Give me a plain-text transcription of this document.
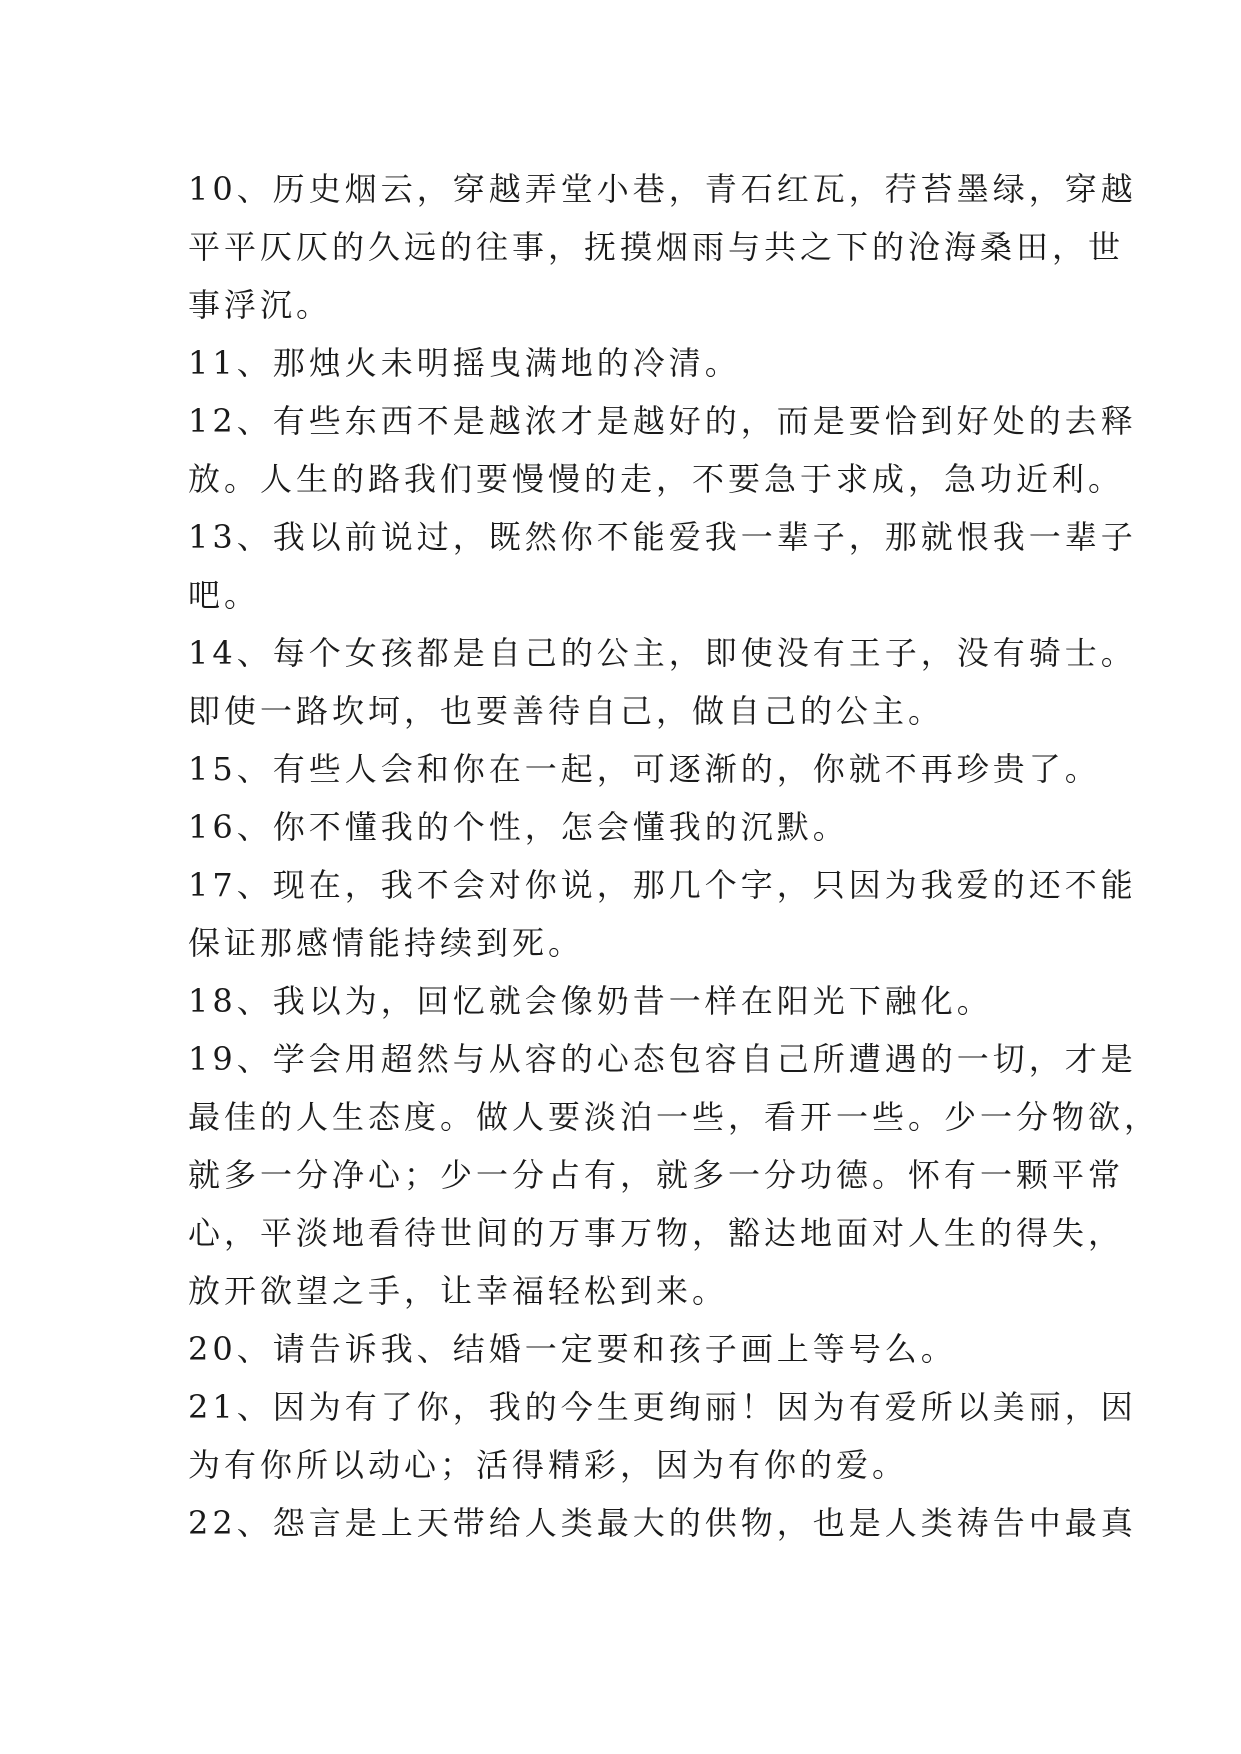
10、历史烟云，穿越弄堂小巷，青石红瓦，荇苔墨绿，穿越
平平仄仄的久远的往事，抚摸烟雨与共之下的沧海桑田，世
事浮沉。
11、那烛火未明摇曳满地的冷清。
12、有些东西不是越浓才是越好的，而是要恰到好处的去释
放。人生的路我们要慢慢的走，不要急于求成，急功近利。
13、我以前说过，既然你不能爱我一辈子，那就恨我一辈子
吧。
14、每个女孩都是自己的公主，即使没有王子，没有骑士。
即使一路坎坷，也要善待自己，做自己的公主。
15、有些人会和你在一起，可逐渐的，你就不再珍贵了。
16、你不懂我的个性，怎会懂我的沉默。
17、现在，我不会对你说，那几个字，只因为我爱的还不能
保证那感情能持续到死。
18、我以为，回忆就会像奶昔一样在阳光下融化。
19、学会用超然与从容的心态包容自己所遭遇的一切，才是
最佳的人生态度。做人要淡泊一些，看开一些。少一分物欲，
就多一分净心；少一分占有，就多一分功德。怀有一颗平常
心，平淡地看待世间的万事万物，豁达地面对人生的得失，
放开欲望之手，让幸福轻松到来。
20、请告诉我、结婚一定要和孩子画上等号么。
21、因为有了你，我的今生更绚丽！因为有爱所以美丽，因
为有你所以动心；活得精彩，因为有你的爱。
22、怨言是上天带给人类最大的供物，也是人类祷告中最真
